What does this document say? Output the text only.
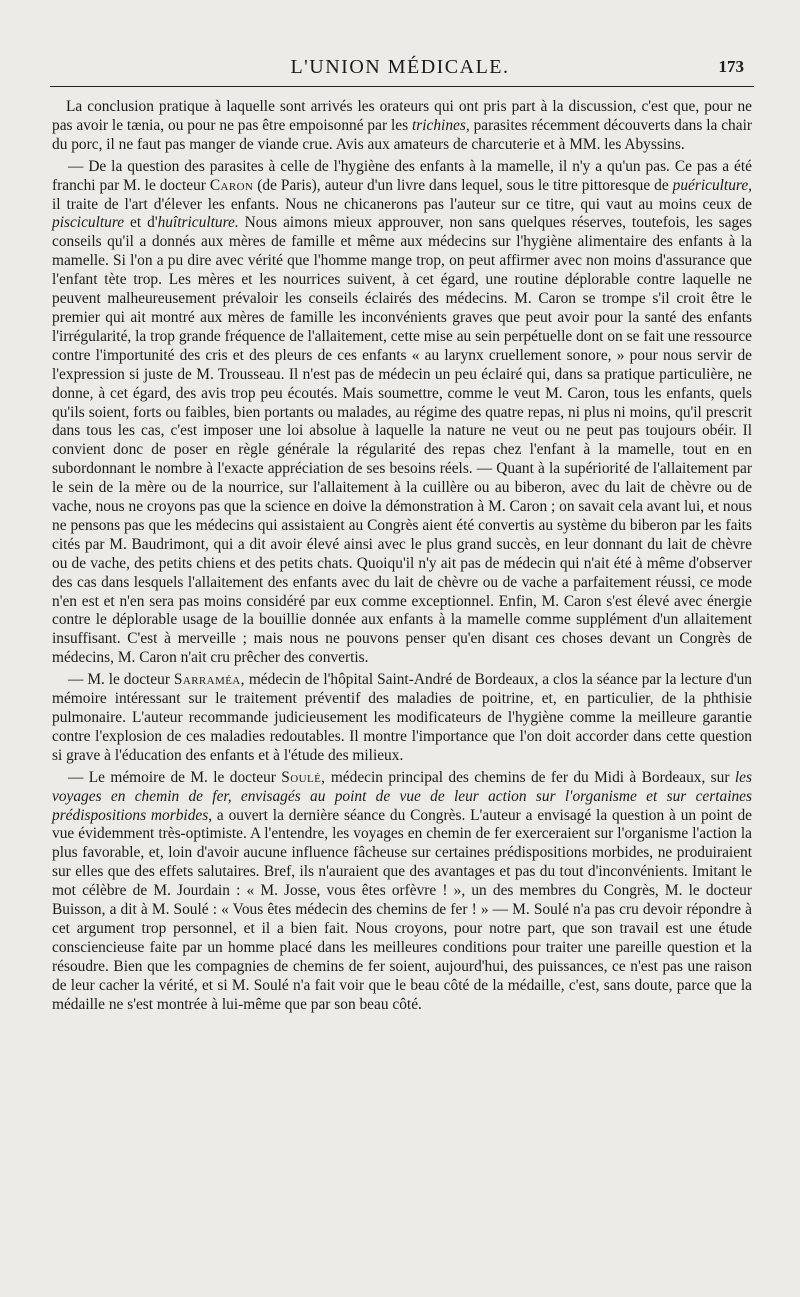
L'UNION MÉDICALE.	173

La conclusion pratique à laquelle sont arrivés les orateurs qui ont pris part à la discussion, c'est que, pour ne pas avoir le tænia, ou pour ne pas être empoisonné par les trichines, parasites récemment découverts dans la chair du porc, il ne faut pas manger de viande crue. Avis aux amateurs de charcuterie et à MM. les Abyssins.

— De la question des parasites à celle de l'hygiène des enfants à la mamelle, il n'y a qu'un pas. Ce pas a été franchi par M. le docteur Caron (de Paris), auteur d'un livre dans lequel, sous le titre pittoresque de puériculture, il traite de l'art d'élever les enfants. Nous ne chicanerons pas l'auteur sur ce titre, qui vaut au moins ceux de pisciculture et d'huîtriculture. Nous aimons mieux approuver, non sans quelques réserves, toutefois, les sages conseils qu'il a donnés aux mères de famille et même aux médecins sur l'hygiène alimentaire des enfants à la mamelle. Si l'on a pu dire avec vérité que l'homme mange trop, on peut affirmer avec non moins d'assurance que l'enfant tète trop. Les mères et les nourrices suivent, à cet égard, une routine déplorable contre laquelle ne peuvent malheureusement prévaloir les conseils éclairés des médecins. M. Caron se trompe s'il croit être le premier qui ait montré aux mères de famille les inconvénients graves que peut avoir pour la santé des enfants l'irrégularité, la trop grande fréquence de l'allaitement, cette mise au sein perpétuelle dont on se fait une ressource contre l'importunité des cris et des pleurs de ces enfants « au larynx cruellement sonore, » pour nous servir de l'expression si juste de M. Trousseau. Il n'est pas de médecin un peu éclairé qui, dans sa pratique particulière, ne donne, à cet égard, des avis trop peu écoutés. Mais soumettre, comme le veut M. Caron, tous les enfants, quels qu'ils soient, forts ou faibles, bien portants ou malades, au régime des quatre repas, ni plus ni moins, qu'il prescrit dans tous les cas, c'est imposer une loi absolue à laquelle la nature ne veut ou ne peut pas toujours obéir. Il convient donc de poser en règle générale la régularité des repas chez l'enfant à la mamelle, tout en en subordonnant le nombre à l'exacte appréciation de ses besoins réels. — Quant à la supériorité de l'allaitement par le sein de la mère ou de la nourrice, sur l'allaitement à la cuillère ou au biberon, avec du lait de chèvre ou de vache, nous ne croyons pas que la science en doive la démonstration à M. Caron ; on savait cela avant lui, et nous ne pensons pas que les médecins qui assistaient au Congrès aient été convertis au système du biberon par les faits cités par M. Baudrimont, qui a dit avoir élevé ainsi avec le plus grand succès, en leur donnant du lait de chèvre ou de vache, des petits chiens et des petits chats. Quoiqu'il n'y ait pas de médecin qui n'ait été à même d'observer des cas dans lesquels l'allaitement des enfants avec du lait de chèvre ou de vache a parfaitement réussi, ce mode n'en est et n'en sera pas moins considéré par eux comme exceptionnel. Enfin, M. Caron s'est élevé avec énergie contre le déplorable usage de la bouillie donnée aux enfants à la mamelle comme supplément d'un allaitement insuffisant. C'est à merveille ; mais nous ne pouvons penser qu'en disant ces choses devant un Congrès de médecins, M. Caron n'ait cru prêcher des convertis.

— M. le docteur Sarraméa, médecin de l'hôpital Saint-André de Bordeaux, a clos la séance par la lecture d'un mémoire intéressant sur le traitement préventif des maladies de poitrine, et, en particulier, de la phthisie pulmonaire. L'auteur recommande judicieusement les modificateurs de l'hygiène comme la meilleure garantie contre l'explosion de ces maladies redoutables. Il montre l'importance que l'on doit accorder dans cette question si grave à l'éducation des enfants et à l'étude des milieux.

— Le mémoire de M. le docteur Soulé, médecin principal des chemins de fer du Midi à Bordeaux, sur les voyages en chemin de fer, envisagés au point de vue de leur action sur l'organisme et sur certaines prédispositions morbides, a ouvert la dernière séance du Congrès. L'auteur a envisagé la question à un point de vue évidemment très-optimiste. A l'entendre, les voyages en chemin de fer exerceraient sur l'organisme l'action la plus favorable, et, loin d'avoir aucune influence fâcheuse sur certaines prédispositions morbides, ne produiraient sur elles que des effets salutaires. Bref, ils n'auraient que des avantages et pas du tout d'inconvénients. Imitant le mot célèbre de M. Jourdain : « M. Josse, vous êtes orfèvre ! », un des membres du Congrès, M. le docteur Buisson, a dit à M. Soulé : « Vous êtes médecin des chemins de fer ! » — M. Soulé n'a pas cru devoir répondre à cet argument trop personnel, et il a bien fait. Nous croyons, pour notre part, que son travail est une étude consciencieuse faite par un homme placé dans les meilleures conditions pour traiter une pareille question et la résoudre. Bien que les compagnies de chemins de fer soient, aujourd'hui, des puissances, ce n'est pas une raison de leur cacher la vérité, et si M. Soulé n'a fait voir que le beau côté de la médaille, c'est, sans doute, parce que la médaille ne s'est montrée à lui-même que par son beau côté.
